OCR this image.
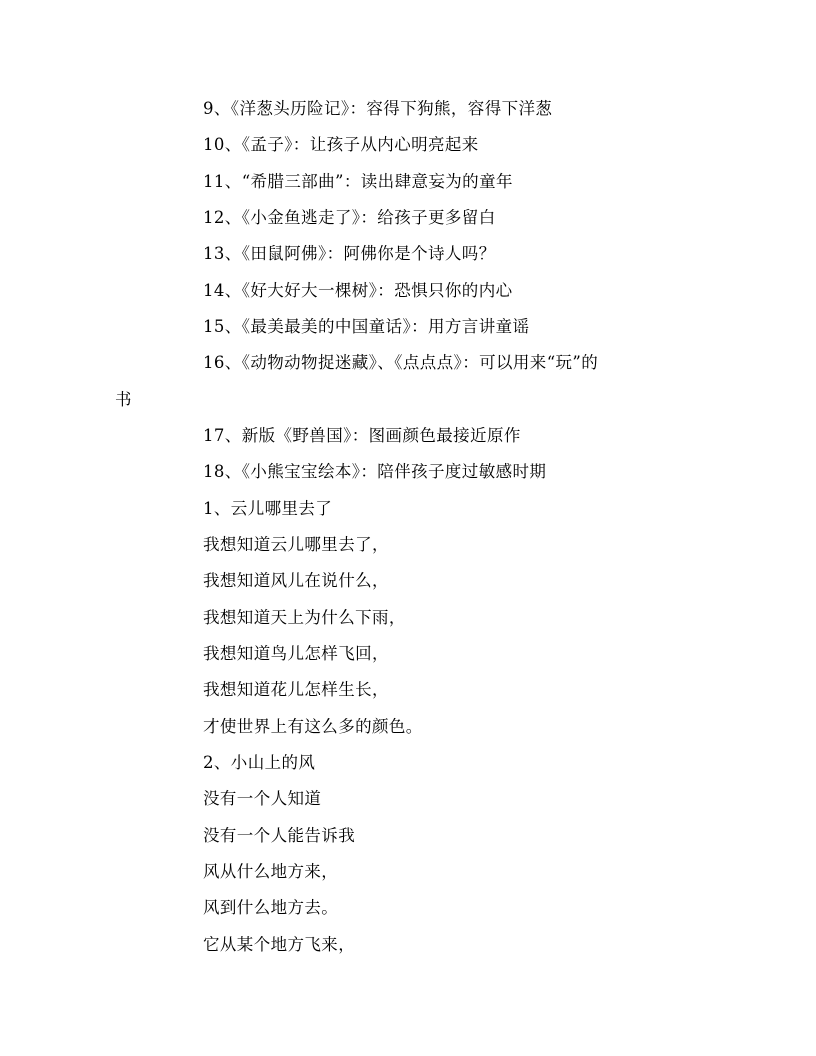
9、《洋葱头历险记》：容得下狗熊，容得下洋葱
10、《孟子》：让孩子从内心明亮起来
11、“希腊三部曲”：读出肆意妄为的童年
12、《小金鱼逃走了》：给孩子更多留白
13、《田鼠阿佛》：阿佛你是个诗人吗？
14、《好大好大一棵树》：恐惧只你的内心
15、《最美最美的中国童话》：用方言讲童谣
16、《动物动物捉迷藏》、《点点点》：可以用来“玩”的
书
17、新版《野兽国》：图画颜色最接近原作
18、《小熊宝宝绘本》：陪伴孩子度过敏感时期
1、云儿哪里去了
我想知道云儿哪里去了，
我想知道风儿在说什么，
我想知道天上为什么下雨，
我想知道鸟儿怎样飞回，
我想知道花儿怎样生长，
才使世界上有这么多的颜色。
2、小山上的风
没有一个人知道
没有一个人能告诉我
风从什么地方来，
风到什么地方去。
它从某个地方飞来，
